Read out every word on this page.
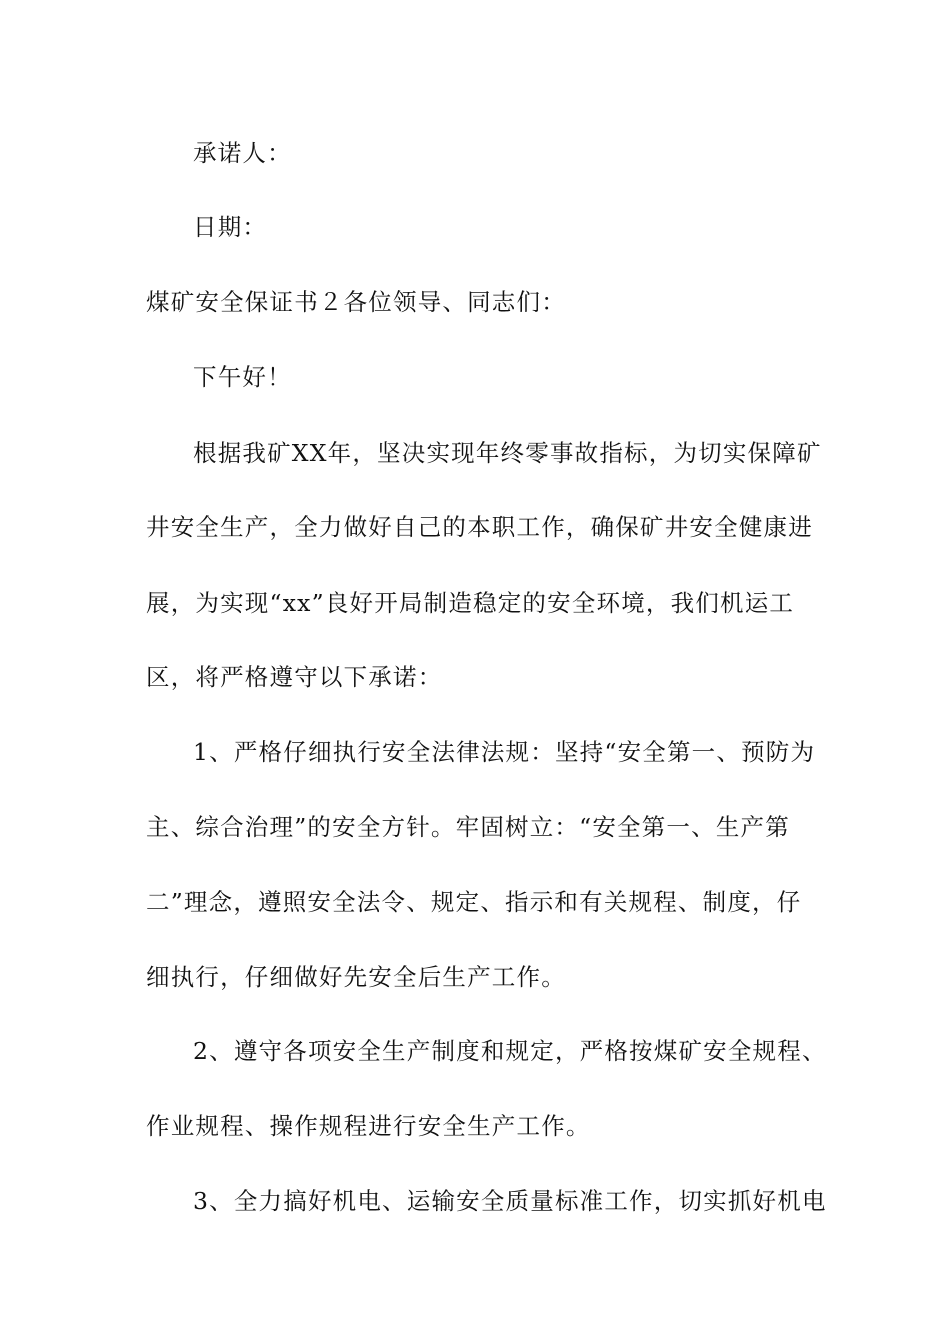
承诺人：
日期：
煤矿安全保证书２各位领导、同志们：
下午好！
根据我矿XX年，坚决实现年终零事故指标，为切实保障矿
井安全生产，全力做好自己的本职工作，确保矿井安全健康进
展，为实现“xx”良好开局制造稳定的安全环境，我们机运工
区，将严格遵守以下承诺：
1、严格仔细执行安全法律法规：坚持“安全第一、预防为
主、综合治理”的安全方针。牢固树立：“安全第一、生产第
二”理念，遵照安全法令、规定、指示和有关规程、制度，仔
细执行，仔细做好先安全后生产工作。
2、遵守各项安全生产制度和规定，严格按煤矿安全规程、
作业规程、操作规程进行安全生产工作。
3、全力搞好机电、运输安全质量标准工作，切实抓好机电
